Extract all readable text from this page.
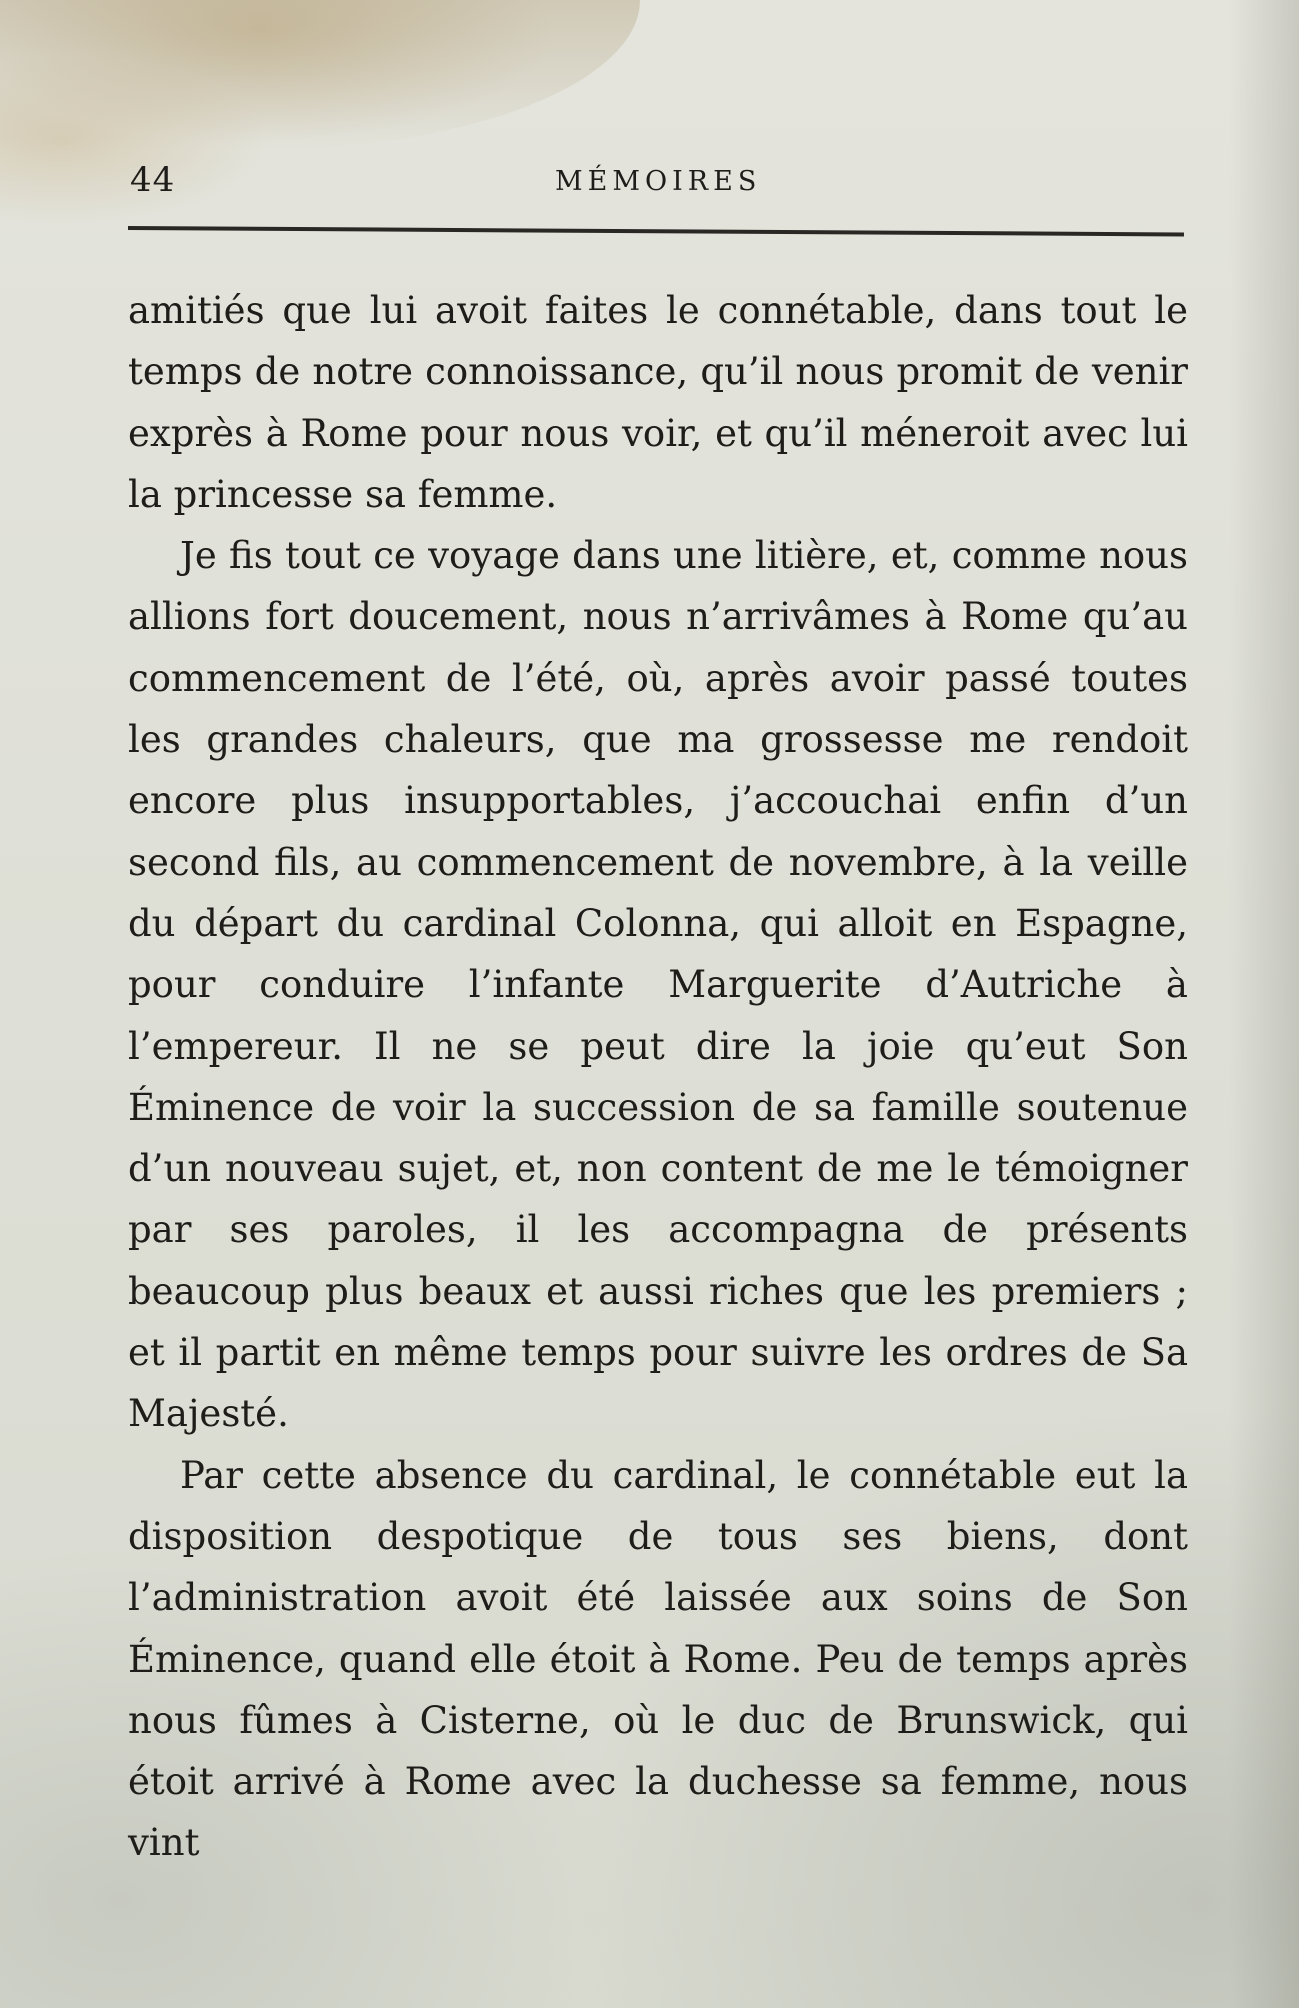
44	MÉMOIRES

amitiés que lui avoit faites le connétable, dans tout le temps de notre connoissance, qu’il nous promit de venir exprès à Rome pour nous voir, et qu’il méneroit avec lui la princesse sa femme.

Je fis tout ce voyage dans une litière, et, comme nous allions fort doucement, nous n’arrivâmes à Rome qu’au commencement de l’été, où, après avoir passé toutes les grandes chaleurs, que ma grossesse me rendoit encore plus insupportables, j’accouchai enfin d’un second fils, au commencement de novembre, à la veille du départ du cardinal Colonna, qui alloit en Espagne, pour conduire l’infante Marguerite d’Autriche à l’empereur. Il ne se peut dire la joie qu’eut Son Éminence de voir la succession de sa famille soutenue d’un nouveau sujet, et, non content de me le témoigner par ses paroles, il les accompagna de présents beaucoup plus beaux et aussi riches que les premiers ; et il partit en même temps pour suivre les ordres de Sa Majesté.

Par cette absence du cardinal, le connétable eut la disposition despotique de tous ses biens, dont l’administration avoit été laissée aux soins de Son Éminence, quand elle étoit à Rome. Peu de temps après nous fûmes à Cisterne, où le duc de Brunswick, qui étoit arrivé à Rome avec la duchesse sa femme, nous vint
